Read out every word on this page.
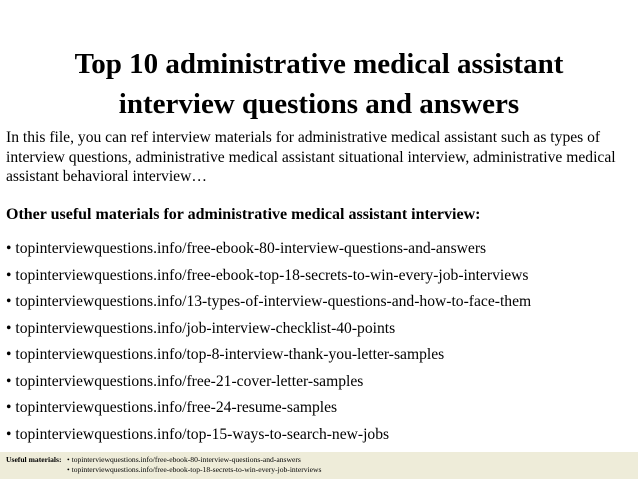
Top 10 administrative medical assistant
interview questions and answers
In this file, you can ref interview materials for administrative medical assistant such as types of interview questions, administrative medical assistant situational interview, administrative medical assistant behavioral interview…
Other useful materials for administrative medical assistant interview:
• topinterviewquestions.info/free-ebook-80-interview-questions-and-answers
• topinterviewquestions.info/free-ebook-top-18-secrets-to-win-every-job-interviews
• topinterviewquestions.info/13-types-of-interview-questions-and-how-to-face-them
• topinterviewquestions.info/job-interview-checklist-40-points
• topinterviewquestions.info/top-8-interview-thank-you-letter-samples
• topinterviewquestions.info/free-21-cover-letter-samples
• topinterviewquestions.info/free-24-resume-samples
• topinterviewquestions.info/top-15-ways-to-search-new-jobs
Useful materials: • topinterviewquestions.info/free-ebook-80-interview-questions-and-answers
• topinterviewquestions.info/free-ebook-top-18-secrets-to-win-every-job-interviews
